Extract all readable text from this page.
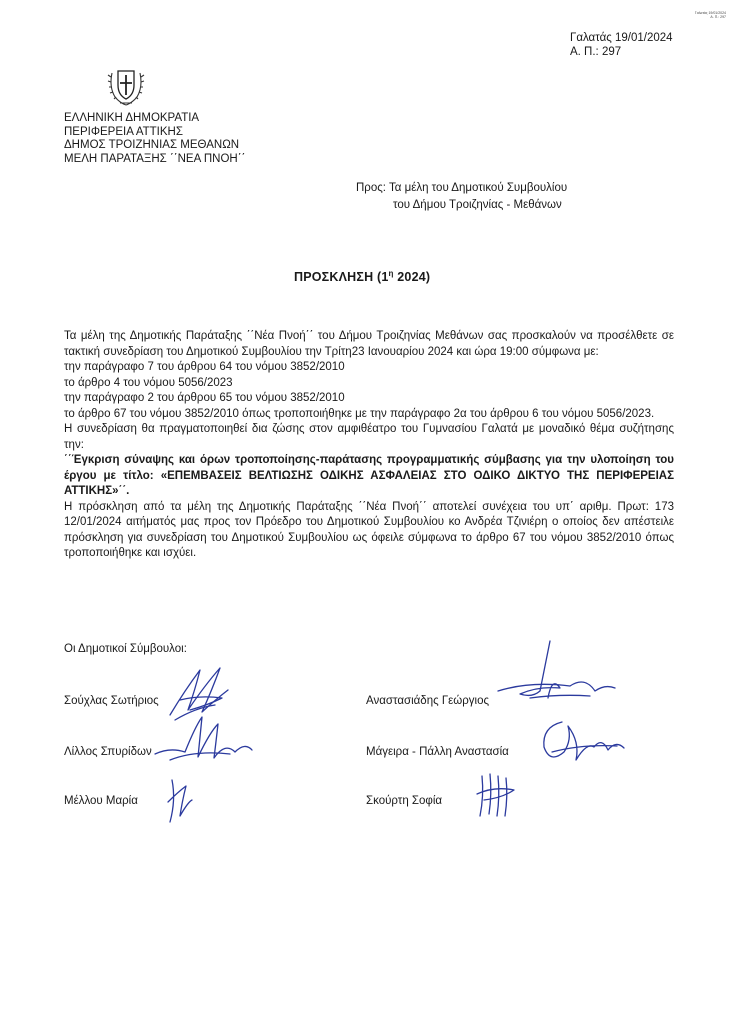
Γαλατάς 19/01/2024
Α. Π.: 297
Γαλατάς 19/01/2024
Α. Π.: 297
ΕΛΛΗΝΙΚΗ ΔΗΜΟΚΡΑΤΙΑ
ΠΕΡΙΦΕΡΕΙΑ ΑΤΤΙΚΗΣ
ΔΗΜΟΣ ΤΡΟΙΖΗΝΙΑΣ ΜΕΘΑΝΩΝ
ΜΕΛΗ ΠΑΡΑΤΑΞΗΣ ΄΄ΝΕΑ ΠΝΟΗ΄΄
Προς: Τα μέλη του Δημοτικού Συμβουλίου
του Δήμου Τροιζηνίας - Μεθάνων
ΠΡΟΣΚΛΗΣΗ ($1^\eta$ 2024)

Τα μέλη της Δημοτικής Παράταξης ΄΄Νέα Πνοή΄΄ του Δήμου Τροιζηνίας Μεθάνων σας προσκαλούν να προσέλθετε σε τακτική συνεδρίαση του Δημοτικού Συμβουλίου την Τρίτη23 Ιανουαρίου 2024 και ώρα 19:00 σύμφωνα με:

την παράγραφο 7 του άρθρου 64 του νόμου 3852/2010

το άρθρο 4 του νόμου 5056/2023

την παράγραφο 2 του άρθρου 65 του νόμου 3852/2010

το άρθρο 67 του νόμου 3852/2010 όπως τροποποιήθηκε με την παράγραφο 2α του άρθρου 6 του νόμου 5056/2023.

Η συνεδρίαση θα πραγματοποιηθεί δια ζώσης στον αμφιθέατρο του Γυμνασίου Γαλατά με μοναδικό θέμα συζήτησης την:

΄΄Έγκριση σύναψης και όρων τροποποίησης-παράτασης προγραμματικής σύμβασης για την υλοποίηση του έργου με τίτλο: «ΕΠΕΜΒΑΣΕΙΣ ΒΕΛΤΙΩΣΗΣ ΟΔΙΚΗΣ ΑΣΦΑΛΕΙΑΣ ΣΤΟ ΟΔΙΚΟ ΔΙΚΤΥΟ ΤΗΣ ΠΕΡΙΦΕΡΕΙΑΣ ΑΤΤΙΚΗΣ»΄΄.

Η πρόσκληση από τα μέλη της Δημοτικής Παράταξης ΄΄Νέα Πνοή΄΄ αποτελεί συνέχεια του υπ΄ αριθμ. Πρωτ: 173 12/01/2024 αιτήματός μας προς τον Πρόεδρο του Δημοτικού Συμβουλίου κο Ανδρέα Τζινιέρη ο οποίος δεν απέστειλε πρόσκληση για συνεδρίαση του Δημοτικού Συμβουλίου ως όφειλε σύμφωνα το άρθρο 67 του νόμου 3852/2010 όπως τροποποιήθηκε και ισχύει.

Οι Δημοτικοί Σύμβουλοι:
Σούχλας Σωτήριος
Λίλλος Σπυρίδων
Μέλλου Μαρία
Αναστασιάδης Γεώργιος
Μάγειρα - Πάλλη Αναστασία
Σκούρτη Σοφία
